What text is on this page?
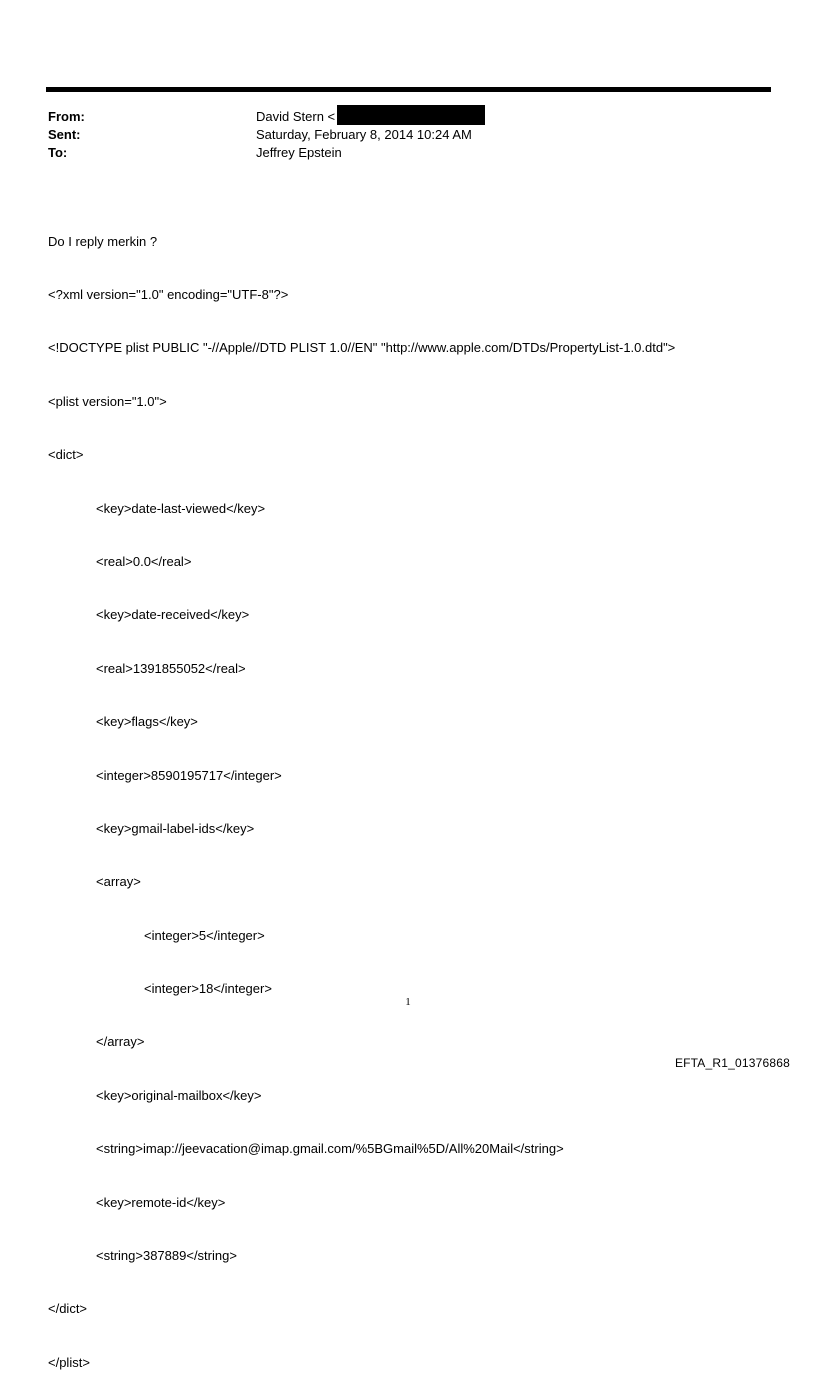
From:	David Stern <
Sent:	Saturday, February 8, 2014 10:24 AM
To:	Jeffrey Epstein

Do I reply merkin ?

<?xml version="1.0" encoding="UTF-8"?>

<!DOCTYPE plist PUBLIC "-//Apple//DTD PLIST 1.0//EN" "http://www.apple.com/DTDs/PropertyList-1.0.dtd">

<plist version="1.0">

<dict>

<key>date-last-viewed</key>

<real>0.0</real>

<key>date-received</key>

<real>1391855052</real>

<key>flags</key>

<integer>8590195717</integer>

<key>gmail-label-ids</key>

<array>

<integer>5</integer>

<integer>18</integer>

</array>

<key>original-mailbox</key>

<string>imap://jeevacation@imap.gmail.com/%5BGmail%5D/All%20Mail</string>

<key>remote-id</key>

<string>387889</string>

</dict>

</plist>

1
EFTA_R1_01376868
